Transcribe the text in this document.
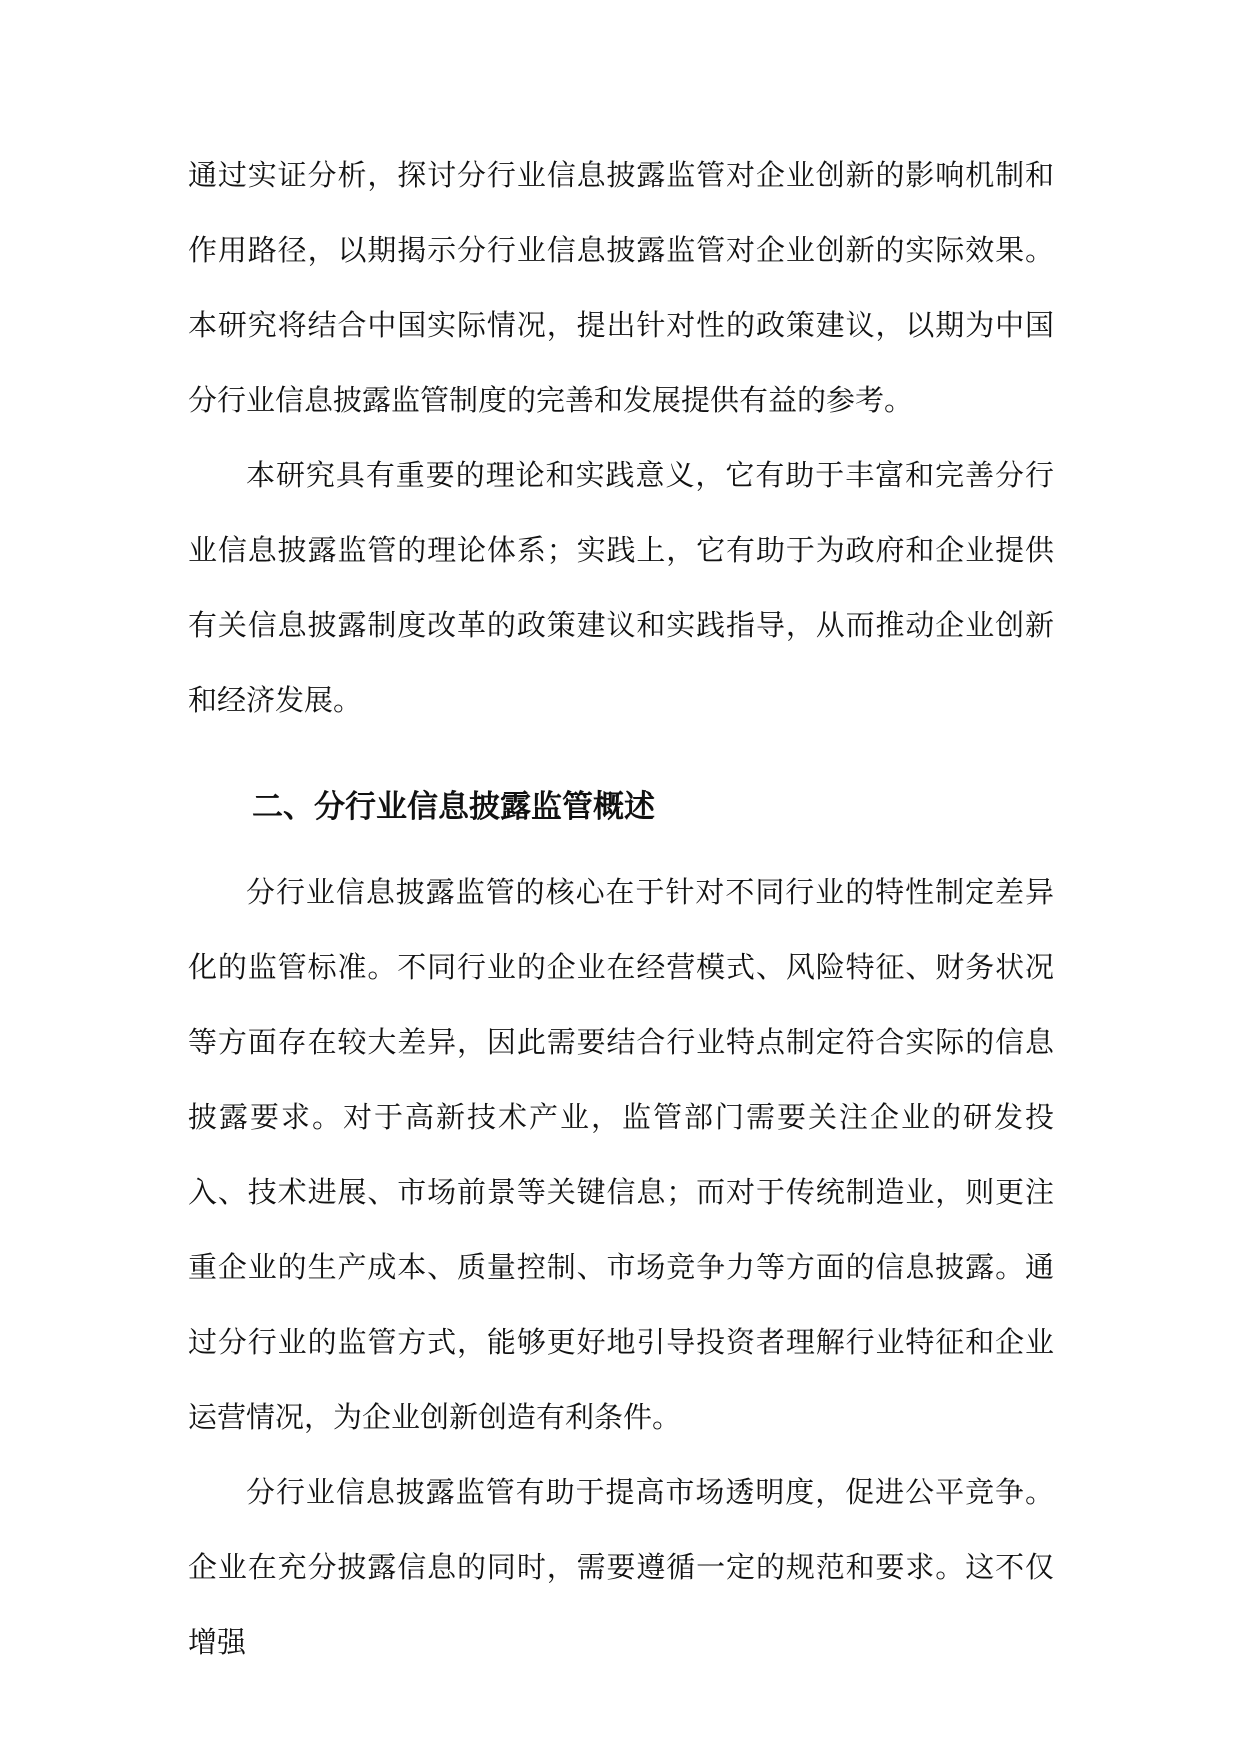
通过实证分析，探讨分行业信息披露监管对企业创新的影响机制和作用路径，以期揭示分行业信息披露监管对企业创新的实际效果。本研究将结合中国实际情况，提出针对性的政策建议，以期为中国分行业信息披露监管制度的完善和发展提供有益的参考。

本研究具有重要的理论和实践意义，它有助于丰富和完善分行业信息披露监管的理论体系；实践上，它有助于为政府和企业提供有关信息披露制度改革的政策建议和实践指导，从而推动企业创新和经济发展。

二、分行业信息披露监管概述

分行业信息披露监管的核心在于针对不同行业的特性制定差异化的监管标准。不同行业的企业在经营模式、风险特征、财务状况等方面存在较大差异，因此需要结合行业特点制定符合实际的信息披露要求。对于高新技术产业，监管部门需要关注企业的研发投入、技术进展、市场前景等关键信息；而对于传统制造业，则更注重企业的生产成本、质量控制、市场竞争力等方面的信息披露。通过分行业的监管方式，能够更好地引导投资者理解行业特征和企业运营情况，为企业创新创造有利条件。

分行业信息披露监管有助于提高市场透明度，促进公平竞争。企业在充分披露信息的同时，需要遵循一定的规范和要求。这不仅增强
